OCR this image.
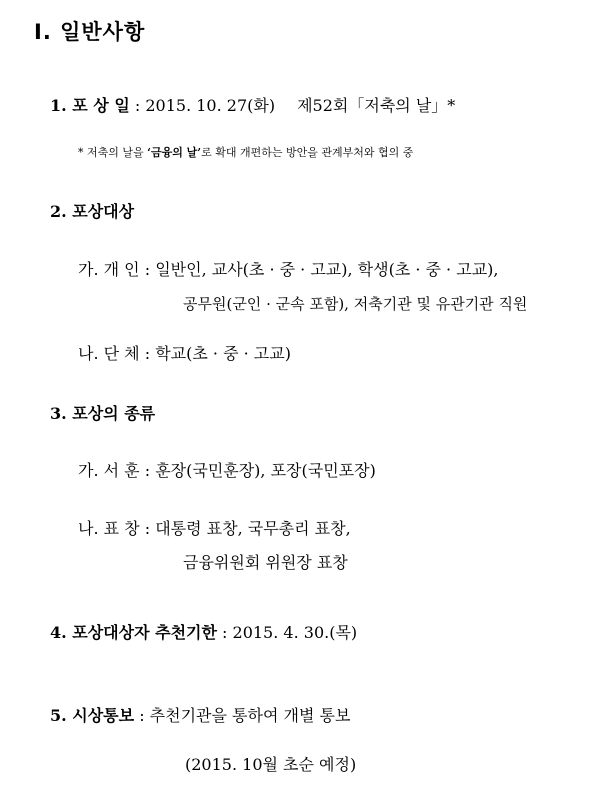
Ⅰ. 일반사항
1. 포 상 일 : 2015. 10. 27(화) 제52회「저축의 날」*
* 저축의 날을 ‘금융의 날’로 확대 개편하는 방안을 관계부처와 협의 중
2. 포상대상
가. 개 인 : 일반인, 교사(초 · 중 · 고교), 학생(초 · 중 · 고교),
공무원(군인 · 군속 포함), 저축기관 및 유관기관 직원
나. 단 체 : 학교(초 · 중 · 고교)
3. 포상의 종류
가. 서 훈 : 훈장(국민훈장), 포장(국민포장)
나. 표 창 : 대통령 표창, 국무총리 표창,
금융위원회 위원장 표창
4. 포상대상자 추천기한 : 2015. 4. 30.(목)
5. 시상통보 : 추천기관을 통하여 개별 통보
(2015. 10월 초순 예정)
